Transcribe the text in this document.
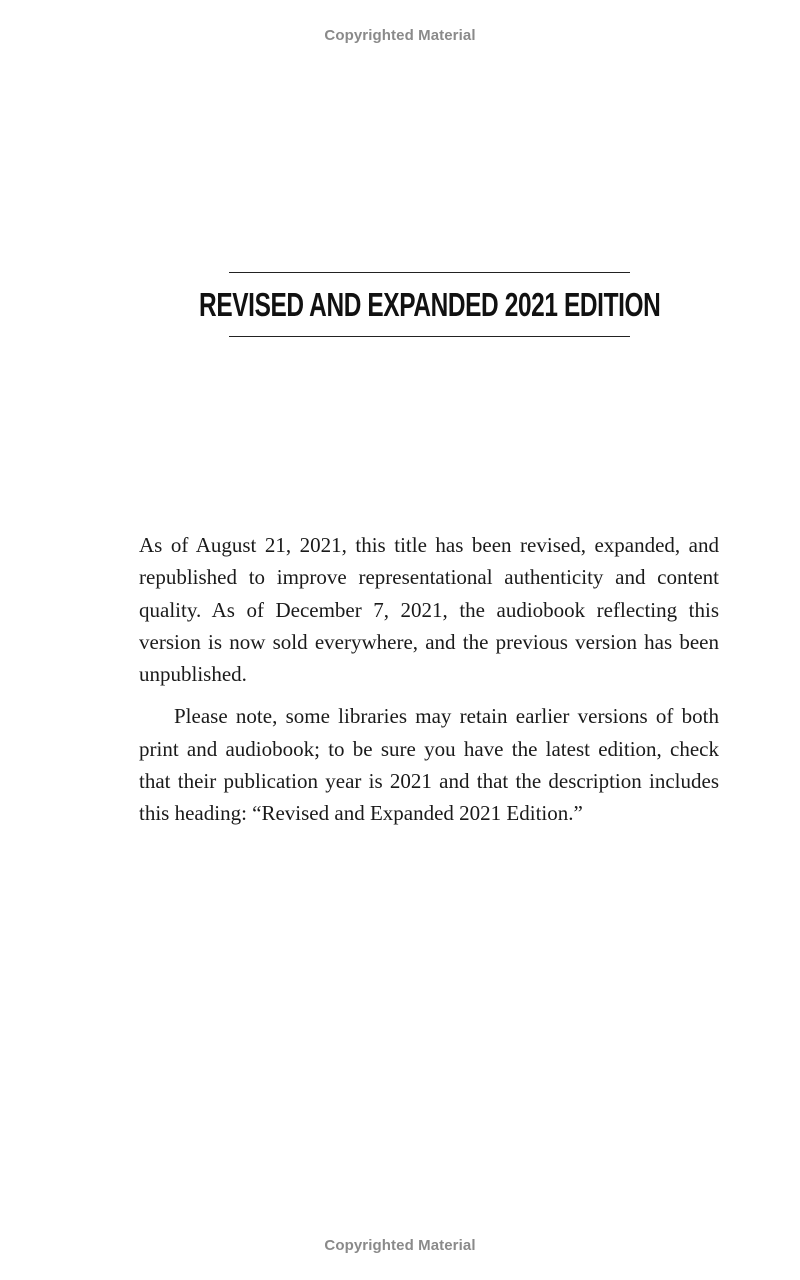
Copyrighted Material
REVISED AND EXPANDED 2021 EDITION

As of August 21, 2021, this title has been revised, expanded, and republished to improve representational authenticity and content quality. As of December 7, 2021, the audiobook reflecting this version is now sold everywhere, and the previous version has been unpublished.

Please note, some libraries may retain earlier versions of both print and audiobook; to be sure you have the latest edition, check that their publication year is 2021 and that the description includes this heading: “Revised and Expanded 2021 Edition.”

Copyrighted Material
